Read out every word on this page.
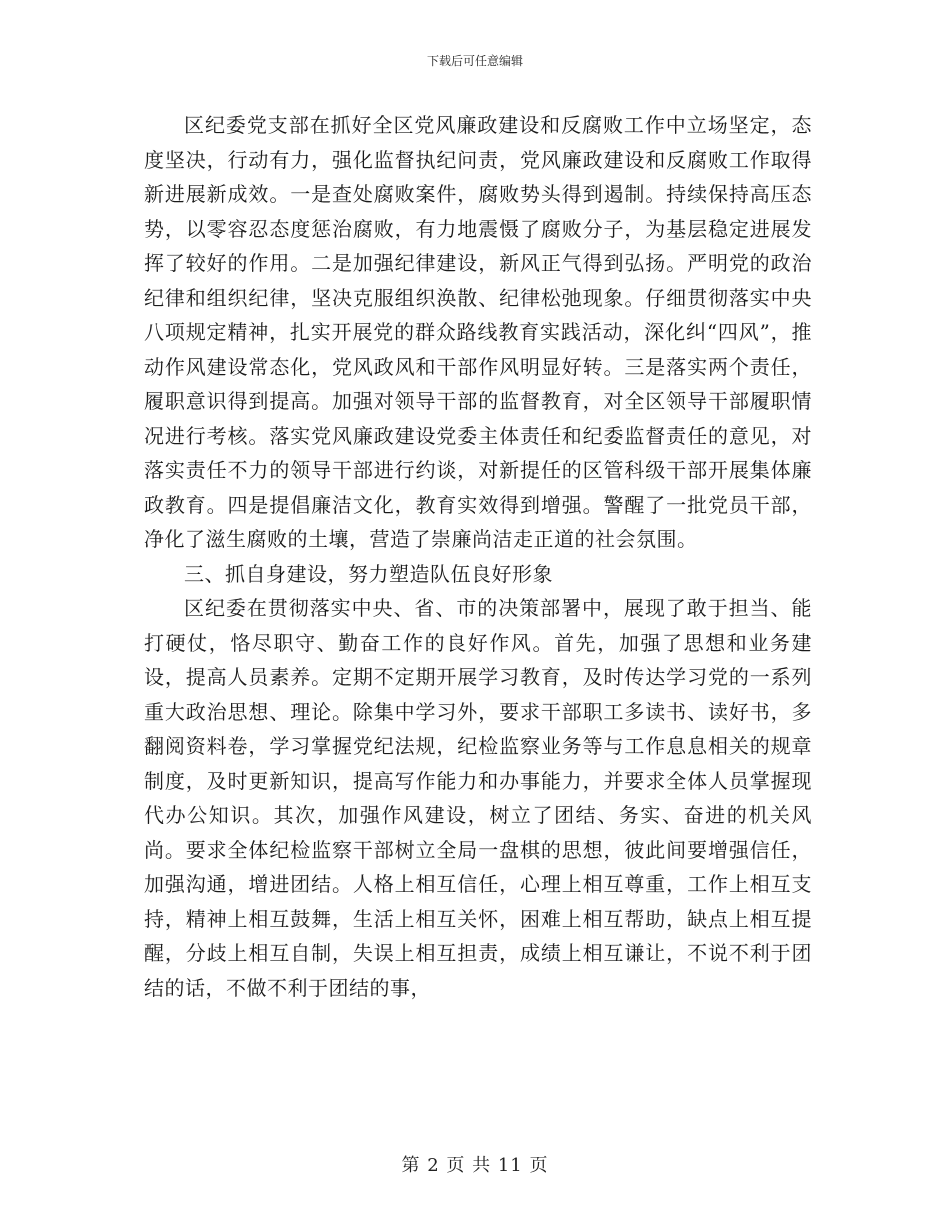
下载后可任意编辑

区纪委党支部在抓好全区党风廉政建设和反腐败工作中立场坚定，态度坚决，行动有力，强化监督执纪问责，党风廉政建设和反腐败工作取得新进展新成效。一是查处腐败案件，腐败势头得到遏制。持续保持高压态势，以零容忍态度惩治腐败，有力地震慑了腐败分子，为基层稳定进展发挥了较好的作用。二是加强纪律建设，新风正气得到弘扬。严明党的政治纪律和组织纪律，坚决克服组织涣散、纪律松弛现象。仔细贯彻落实中央八项规定精神，扎实开展党的群众路线教育实践活动，深化纠“四风”，推动作风建设常态化，党风政风和干部作风明显好转。三是落实两个责任，履职意识得到提高。加强对领导干部的监督教育，对全区领导干部履职情况进行考核。落实党风廉政建设党委主体责任和纪委监督责任的意见，对落实责任不力的领导干部进行约谈，对新提任的区管科级干部开展集体廉政教育。四是提倡廉洁文化，教育实效得到增强。警醒了一批党员干部，净化了滋生腐败的土壤，营造了崇廉尚洁走正道的社会氛围。

三、抓自身建设，努力塑造队伍良好形象

区纪委在贯彻落实中央、省、市的决策部署中，展现了敢于担当、能打硬仗，恪尽职守、勤奋工作的良好作风。首先，加强了思想和业务建设，提高人员素养。定期不定期开展学习教育，及时传达学习党的一系列重大政治思想、理论。除集中学习外，要求干部职工多读书、读好书，多翻阅资料卷，学习掌握党纪法规，纪检监察业务等与工作息息相关的规章制度，及时更新知识，提高写作能力和办事能力，并要求全体人员掌握现代办公知识。其次，加强作风建设，树立了团结、务实、奋进的机关风尚。要求全体纪检监察干部树立全局一盘棋的思想，彼此间要增强信任，加强沟通，增进团结。人格上相互信任，心理上相互尊重，工作上相互支持，精神上相互鼓舞，生活上相互关怀，困难上相互帮助，缺点上相互提醒，分歧上相互自制，失误上相互担责，成绩上相互谦让，不说不利于团结的话，不做不利于团结的事，

第 2 页 共 11 页
